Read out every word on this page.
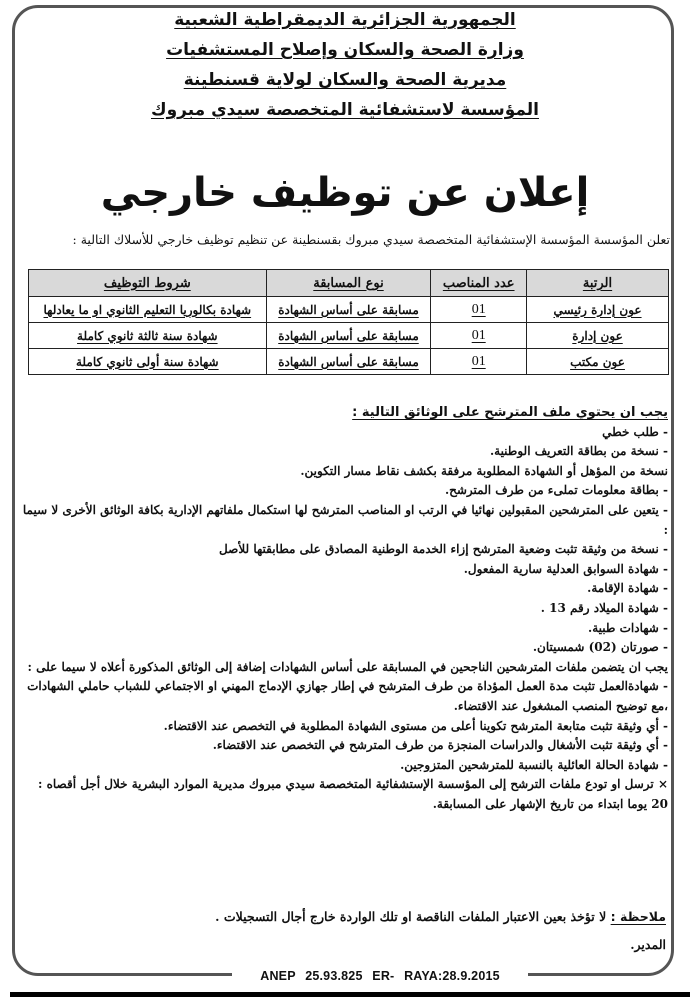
ANEP 25.93.825 ER- RAYA:28.9.2015
الجمهورية الجزائرية الديمقراطية الشعبية
وزارة الصحة والسكان وإصلاح المستشفيات
مديرية الصحة والسكان لولاية قسنطينة
المؤسسة لاستشفائية المتخصصة سيدي مبروك
إعلان عن توظيف خارجي
تعلن المؤسسة المؤسسة الإستشفائية المتخصصة سيدي مبروك بقسنطينة عن تنظيم توظيف خارجي للأسلاك التالية :
الرتبة	عدد المناصب	نوع المسابقة	شروط التوظيف
عون إدارة رئيسي	01	مسابقة على أساس الشهادة	شهادة بكالوريا التعليم الثانوي او ما يعادلها
عون إدارة	01	مسابقة على أساس الشهادة	شهادة سنة ثالثة ثانوي كاملة
عون مكتب	01	مسابقة على أساس الشهادة	شهادة سنة أولى ثانوي كاملة
يجب ان يحتوي ملف المترشح على الوثائق التالية :
- طلب خطي
- نسخة من بطاقة التعريف الوطنية.
نسخة من المؤهل أو الشهادة المطلوبة مرفقة بكشف نقاط مسار التكوين.
- بطاقة معلومات تملىء من طرف المترشح.
- يتعين على المترشحين المقبولين نهائيا في الرتب او المناصب المترشح لها استكمال ملفاتهم الإدارية بكافة الوثائق الأخرى لا سيما :
- نسخة من وثيقة تثبت وضعية المترشح إزاء الخدمة الوطنية المصادق على مطابقتها للأصل
- شهادة السوابق العدلية سارية المفعول.
- شهادة الإقامة.
- شهادة الميلاد رقم 13 .
- شهادات طبية.
- صورتان (02) شمسيتان.
يجب ان يتضمن ملفات المترشحين الناجحين في المسابقة على أساس الشهادات إضافة إلى الوثائق المذكورة أعلاه لا سيما على :
- شهادةالعمل تثبت مدة العمل المؤداة من طرف المترشح في إطار جهازي الإدماج المهني او الاجتماعي للشباب حاملي الشهادات ،مع توضيح المنصب المشغول عند الاقتضاء.
- أي وثيقة تثبت متابعة المترشح تكوينا أعلى من مستوى الشهادة المطلوبة في التخصص عند الاقتضاء.
- أي وثيقة تثبت الأشغال والدراسات المنجزة من طرف المترشح في التخصص عند الاقتضاء.
- شهادة الحالة العائلية بالنسبة للمترشحين المتزوجين.
× ترسل او تودع ملفات الترشح إلى المؤسسة الإستشفائية المتخصصة سيدي مبروك مديرية الموارد البشرية خلال أجل أقصاه : 20 يوما ابتداء من تاريخ الإشهار على المسابقة.
ملاحظة : لا تؤخذ بعين الاعتبار الملفات الناقصة او تلك الواردة خارج أجال التسجيلات .
المدير.
